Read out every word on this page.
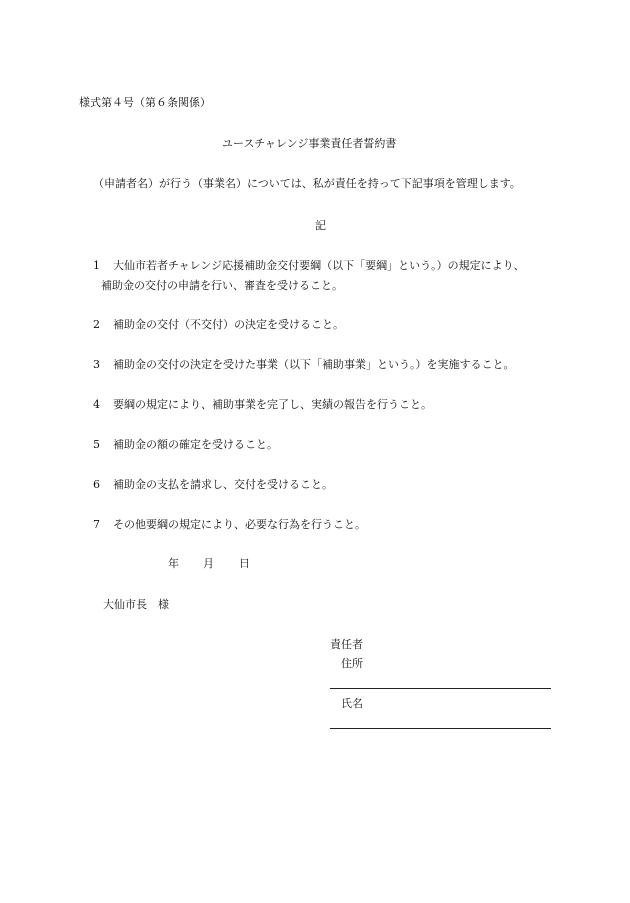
様式第４号（第６条関係）
ユースチャレンジ事業責任者誓約書
（申請者名）が行う（事業名）については、私が責任を持って下記事項を管理します。
記
1 大仙市若者チャレンジ応援補助金交付要綱（以下「要綱」という。）の規定により、
補助金の交付の申請を行い、審査を受けること。
2 補助金の交付（不交付）の決定を受けること。
3 補助金の交付の決定を受けた事業（以下「補助事業」という。）を実施すること。
4 要綱の規定により、補助事業を完了し、実績の報告を行うこと。
5 補助金の額の確定を受けること。
6 補助金の支払を請求し、交付を受けること。
7 その他要綱の規定により、必要な行為を行うこと。
年 月 日
大仙市長　様
責任者
住所
氏名
